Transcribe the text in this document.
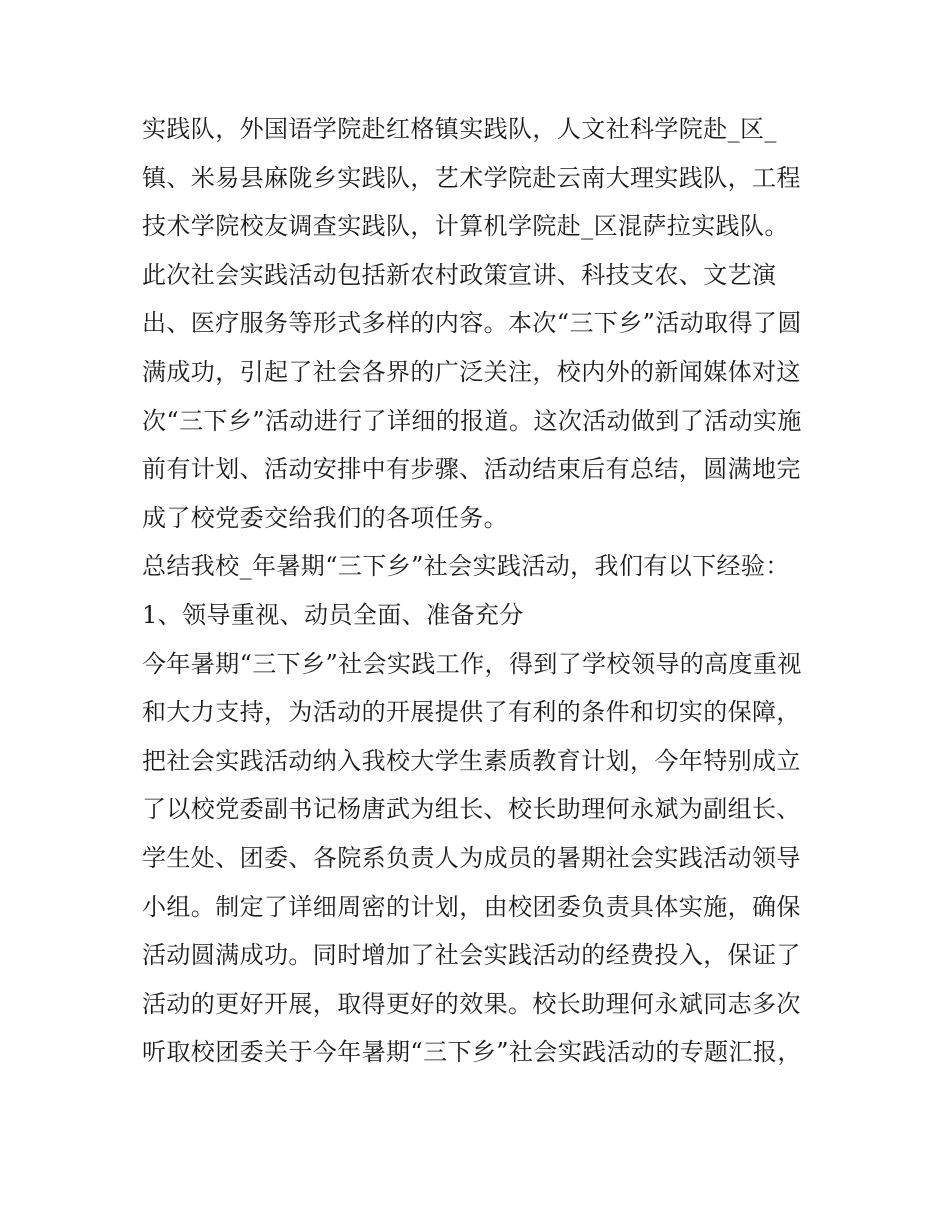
实践队，外国语学院赴红格镇实践队，人文社科学院赴_区_
镇、米易县麻陇乡实践队，艺术学院赴云南大理实践队，工程
技术学院校友调查实践队，计算机学院赴_区混萨拉实践队。
此次社会实践活动包括新农村政策宣讲、科技支农、文艺演
出、医疗服务等形式多样的内容。本次“三下乡”活动取得了圆
满成功，引起了社会各界的广泛关注，校内外的新闻媒体对这
次“三下乡”活动进行了详细的报道。这次活动做到了活动实施
前有计划、活动安排中有步骤、活动结束后有总结，圆满地完
成了校党委交给我们的各项任务。
总结我校_年暑期“三下乡”社会实践活动，我们有以下经验：
1、领导重视、动员全面、准备充分
今年暑期“三下乡”社会实践工作，得到了学校领导的高度重视
和大力支持，为活动的开展提供了有利的条件和切实的保障，
把社会实践活动纳入我校大学生素质教育计划，今年特别成立
了以校党委副书记杨唐武为组长、校长助理何永斌为副组长、
学生处、团委、各院系负责人为成员的暑期社会实践活动领导
小组。制定了详细周密的计划，由校团委负责具体实施，确保
活动圆满成功。同时增加了社会实践活动的经费投入，保证了
活动的更好开展，取得更好的效果。校长助理何永斌同志多次
听取校团委关于今年暑期“三下乡”社会实践活动的专题汇报，
